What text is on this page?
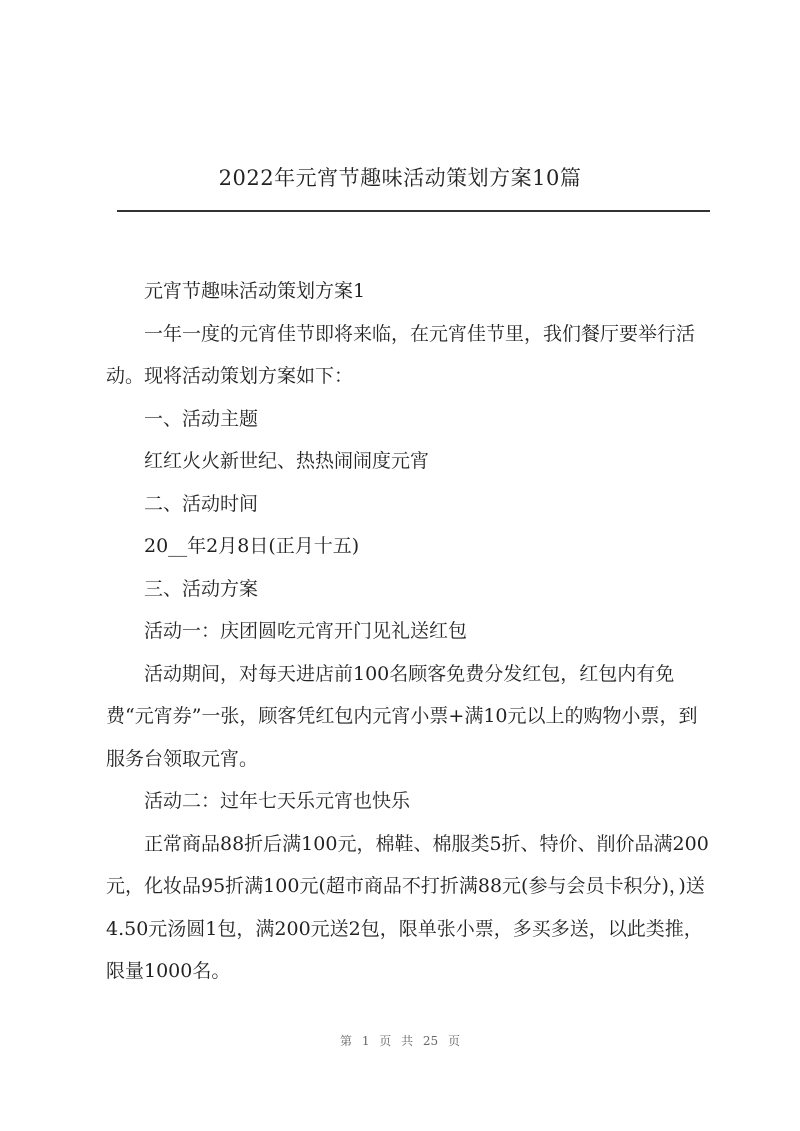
2022年元宵节趣味活动策划方案10篇

元宵节趣味活动策划方案1

一年一度的元宵佳节即将来临，在元宵佳节里，我们餐厅要举行活动。现将活动策划方案如下：

一、活动主题

红红火火新世纪、热热闹闹度元宵

二、活动时间

20__年2月8日(正月十五)

三、活动方案

活动一：庆团圆吃元宵开门见礼送红包

活动期间，对每天进店前100名顾客免费分发红包，红包内有免费“元宵券”一张，顾客凭红包内元宵小票+满10元以上的购物小票，到服务台领取元宵。

活动二：过年七天乐元宵也快乐

正常商品88折后满100元，棉鞋、棉服类5折、特价、削价品满200元，化妆品95折满100元(超市商品不打折满88元(参与会员卡积分)，)送4.50元汤圆1包，满200元送2包，限单张小票，多买多送，以此类推，限量1000名。

第 1 页 共 25 页
